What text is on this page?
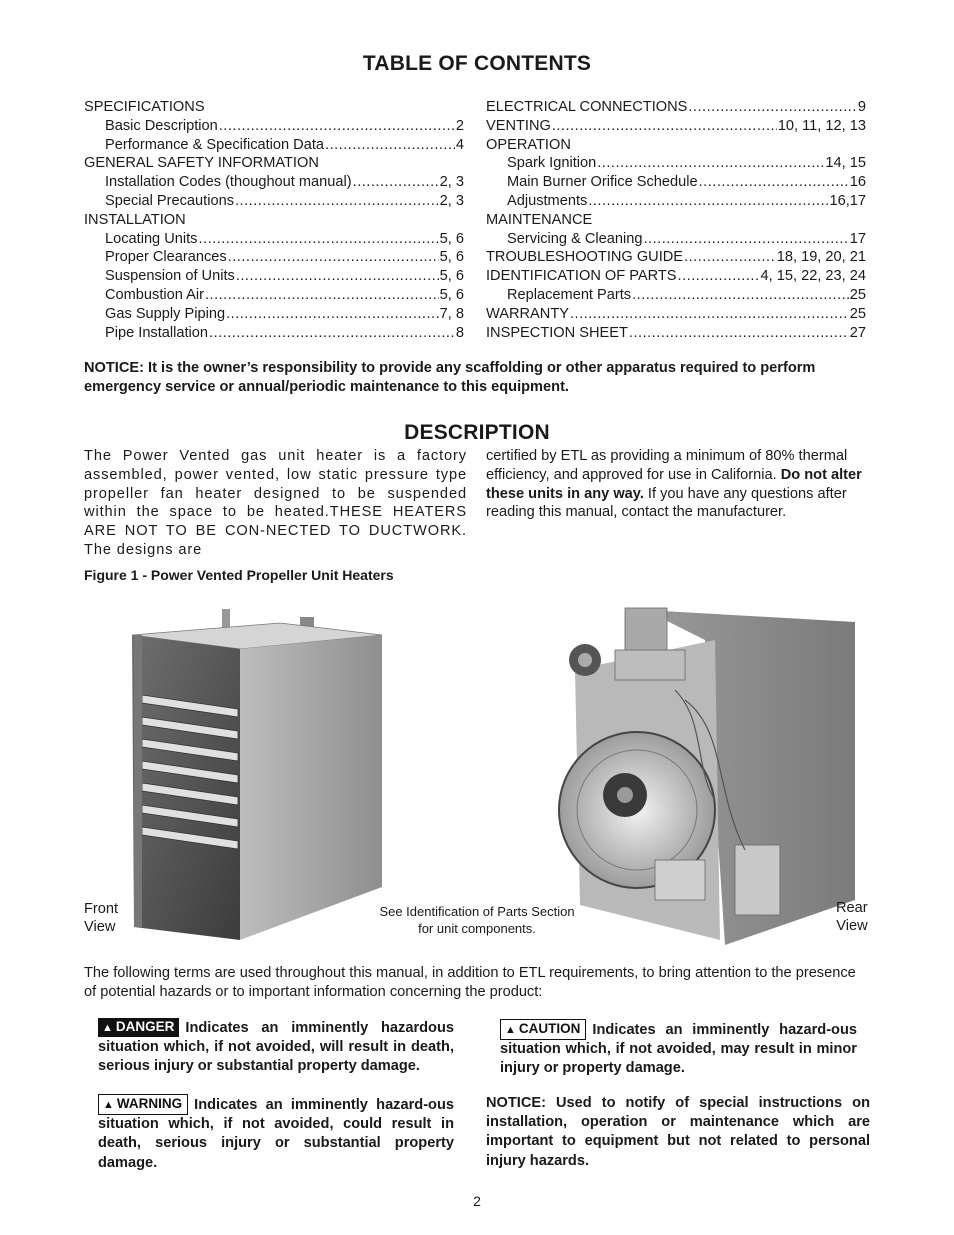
TABLE OF CONTENTS
SPECIFICATIONS
Basic Description .....	2
Performance & Specification Data .....	4
GENERAL SAFETY INFORMATION
Installation Codes (thoughout manual) .....	2, 3
Special Precautions .....	2, 3
INSTALLATION
Locating Units .....	5, 6
Proper Clearances .....	5, 6
Suspension of Units .....	5, 6
Combustion Air .....	5, 6
Gas Supply Piping .....	7, 8
Pipe Installation .....	8
ELECTRICAL CONNECTIONS .....	9
VENTING .....	10, 11, 12, 13
OPERATION
Spark Ignition .....	14, 15
Main Burner Orifice Schedule .....	16
Adjustments .....	16,17
MAINTENANCE
Servicing & Cleaning .....	17
TROUBLESHOOTING GUIDE .....	18, 19, 20, 21
IDENTIFICATION OF PARTS .....	4, 15, 22, 23, 24
Replacement Parts .....	25
WARRANTY .....	25
INSPECTION SHEET .....	27
NOTICE: It is the owner’s responsibility to provide any scaffolding or other apparatus required to perform emergency service or annual/periodic maintenance to this equipment.
DESCRIPTION
The Power Vented gas unit heater is a factory assembled, power vented, low static pressure type propeller fan heater designed to be suspended within the space to be heated.THESE HEATERS ARE NOT TO BE CON-NECTED TO DUCTWORK. The designs are
certified by ETL as providing a minimum of 80% thermal efficiency, and approved for use in California. Do not alter these units in any way. If you have any questions after reading this manual, contact the manufacturer.
Figure 1 - Power Vented Propeller Unit Heaters
Front
View
Rear
View
See Identification of Parts Section
for unit components.
The following terms are used throughout this manual, in addition to ETL requirements, to bring attention to the presence of potential hazards or to important information concerning the product:
▲ DANGER Indicates an imminently hazardous situation which, if not avoided, will result in death, serious injury or substantial property damage.
▲ WARNING Indicates an imminently hazard-ous situation which, if not avoided, could result in death, serious injury or substantial property damage.
▲ CAUTION Indicates an imminently hazard-ous situation which, if not avoided, may result in minor injury or property damage.
NOTICE: Used to notify of special instructions on installation, operation or maintenance which are important to equipment but not related to personal injury hazards.
2
